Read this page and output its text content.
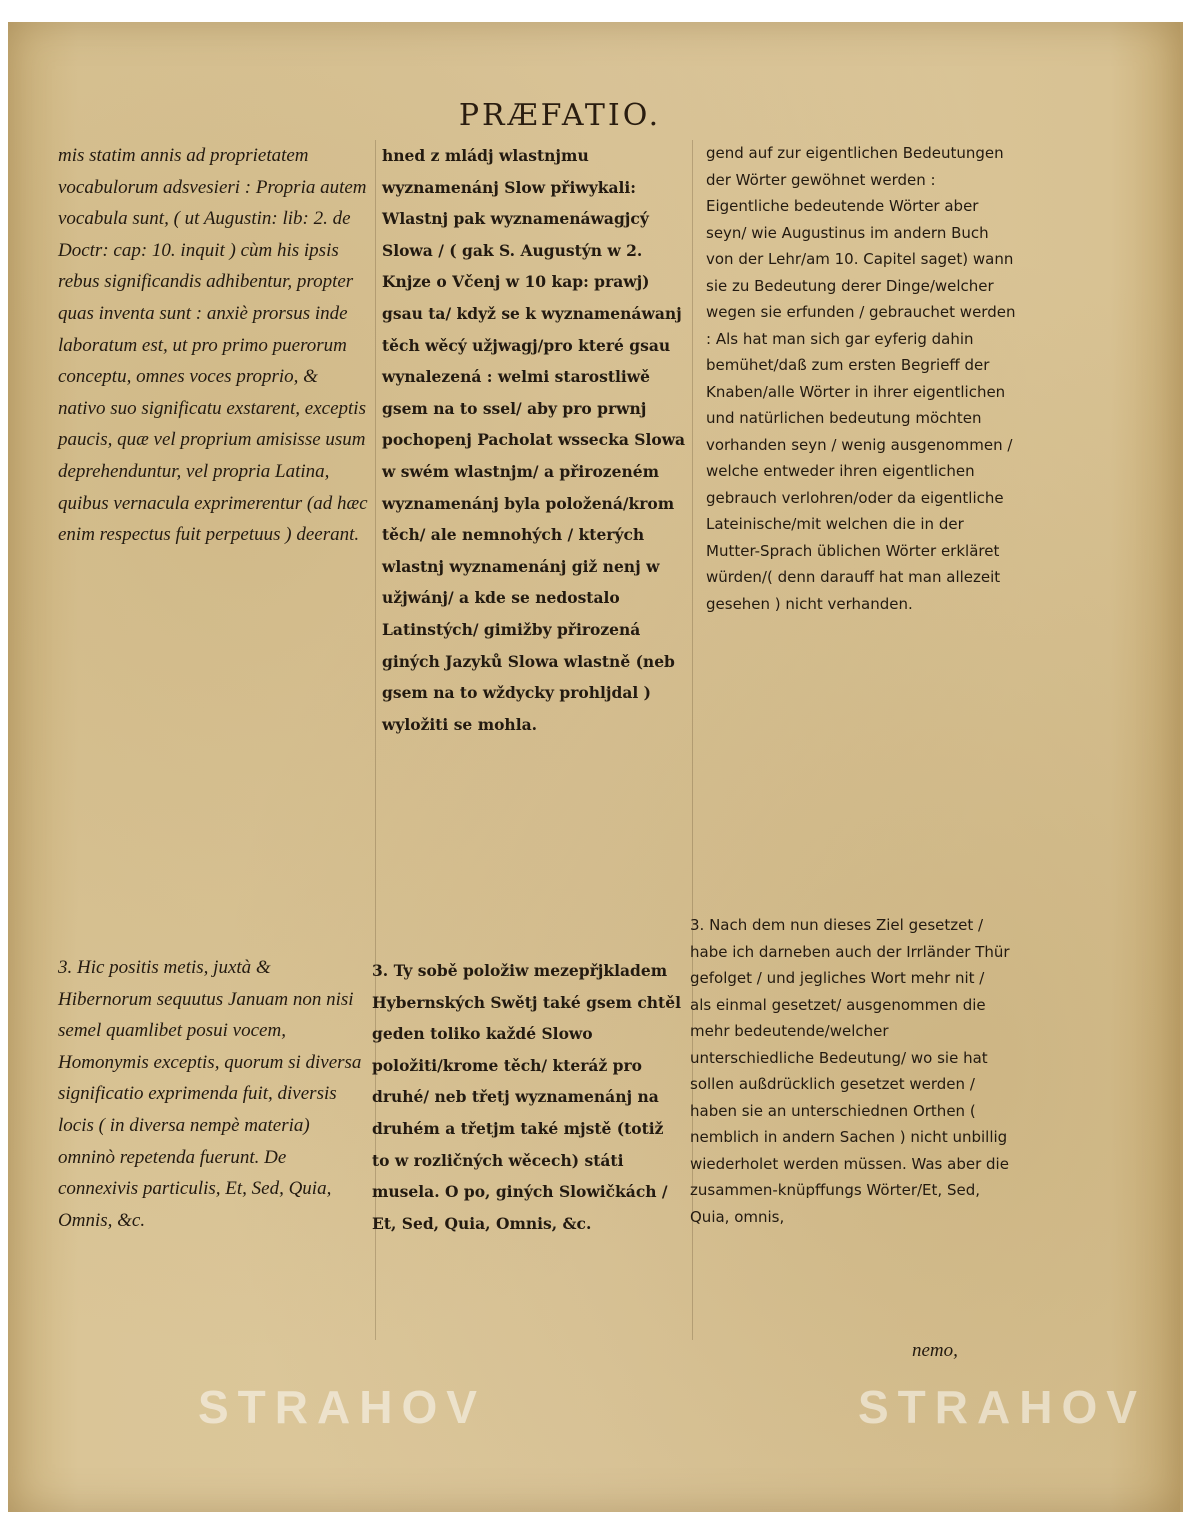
PRÆFATIO.

mis statim annis ad proprietatem vocabulorum adsvesieri : Propria autem vocabula sunt, ( ut Augustin: lib: 2. de Doctr: cap: 10. inquit ) cùm his ipsis rebus significandis adhibentur, propter quas inventa sunt : anxiè prorsus inde laboratum est, ut pro primo puerorum conceptu, omnes voces proprio, & nativo suo significatu exstarent, exceptis paucis, quæ vel proprium amisisse usum deprehenduntur, vel propria Latina, quibus vernacula exprimerentur (ad hæc enim respectus fuit perpetuus ) deerant.

3. Hic positis metis, juxtà & Hibernorum sequutus Januam non nisi semel quamlibet posui vocem, Homonymis exceptis, quorum si diversa significatio exprimenda fuit, diversis locis ( in diversa nempè materia) omninò repetenda fuerunt. De connexivis particulis, Et, Sed, Quia, Omnis, &c.

hned z mládj wlastnjmu wyznamenánj Slow přiwykali: Wlastnj pak wyznamenáwagjcý Slowa / ( gak S. Augustýn w 2. Knjze o Včenj w 10 kap: prawj) gsau ta/ když se k wyznamenáwanj těch wěcý užjwagj/pro které gsau wynalezená : welmi starostliwě gsem na to ssel/ aby pro prwnj pochopenj Pacholat wssecka Slowa w swém wlastnjm/ a přirozeném wyznamenánj byla položená/krom těch/ ale nemnohých / kterých wlastnj wyznamenánj giž nenj w užjwánj/ a kde se nedostalo Latinstých/ gimižby přirozená giných Jazyků Slowa wlastně (neb gsem na to wždycky prohljdal ) wyložiti se mohla.

3. Ty sobě položiw mezepřjkladem Hybernských Swětj také gsem chtěl geden toliko každé Slowo položiti/krome těch/ kteráž pro druhé/ neb třetj wyznamenánj na druhém a třetjm také mjstě (totiž to w rozličných wěcech) státi musela. O po, giných Slowičkách / Et, Sed, Quia, Omnis, &c.

gend auf zur eigentlichen Bedeutungen der Wörter gewöhnet werden : Eigentliche bedeutende Wörter aber seyn/ wie Augustinus im andern Buch von der Lehr/am 10. Capitel saget) wann sie zu Bedeutung derer Dinge/welcher wegen sie erfunden / gebrauchet werden : Als hat man sich gar eyferig dahin bemühet/daß zum ersten Begrieff der Knaben/alle Wörter in ihrer eigentlichen und natürlichen bedeutung möchten vorhanden seyn / wenig ausgenommen / welche entweder ihren eigentlichen gebrauch verlohren/oder da eigentliche Lateinische/mit welchen die in der Mutter-Sprach üblichen Wörter erkläret würden/( denn darauff hat man allezeit gesehen ) nicht verhanden.

3. Nach dem nun dieses Ziel gesetzet / habe ich darneben auch der Irrländer Thür gefolget / und jegliches Wort mehr nit / als einmal gesetzet/ ausgenommen die mehr bedeutende/welcher unterschiedliche Bedeutung/ wo sie hat sollen außdrücklich gesetzet werden / haben sie an unterschiednen Orthen ( nemblich in andern Sachen ) nicht unbillig wiederholet werden müssen. Was aber die zusammen-knüpffungs Wörter/Et, Sed, Quia, omnis,

nemo,
STRAHOV	STRAHOV
